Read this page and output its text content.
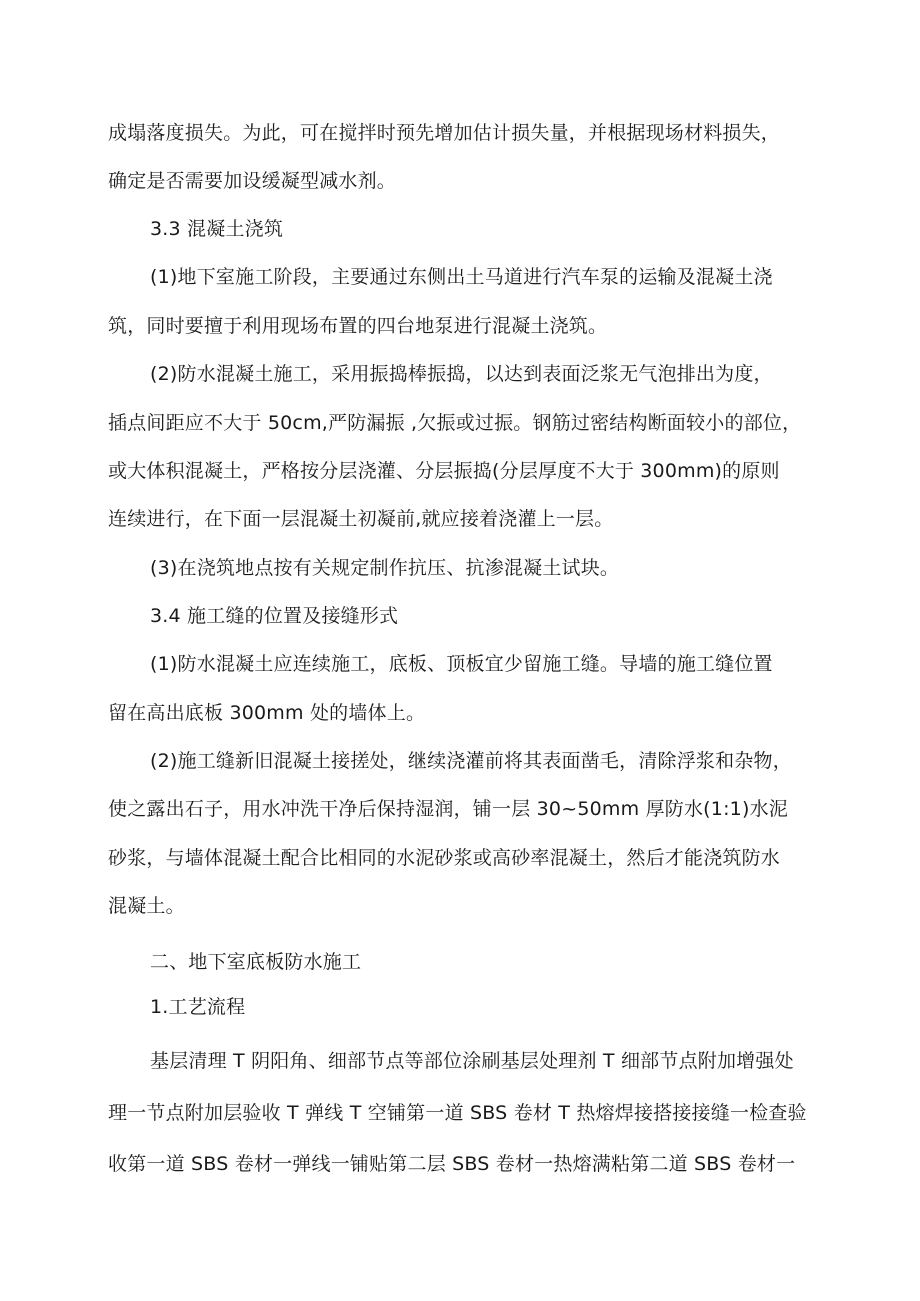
成塌落度损失。为此，可在搅拌时预先增加估计损失量，并根据现场材料损失，
确定是否需要加设缓凝型减水剂。
3.3 混凝土浇筑
(1)地下室施工阶段，主要通过东侧出土马道进行汽车泵的运输及混凝土浇
筑，同时要擅于利用现场布置的四台地泵进行混凝土浇筑。
(2)防水混凝土施工，采用振捣棒振捣，以达到表面泛浆无气泡排出为度，
插点间距应不大于 50cm,严防漏振 ,欠振或过振。钢筋过密结构断面较小的部位，
或大体积混凝土，严格按分层浇灌、分层振捣(分层厚度不大于 300mm)的原则
连续进行，在下面一层混凝土初凝前,就应接着浇灌上一层。
(3)在浇筑地点按有关规定制作抗压、抗渗混凝土试块。
3.4 施工缝的位置及接缝形式
(1)防水混凝土应连续施工，底板、顶板宜少留施工缝。导墙的施工缝位置
留在高出底板 300mm 处的墙体上。
(2)施工缝新旧混凝土接搓处，继续浇灌前将其表面凿毛，清除浮浆和杂物，
使之露出石子，用水冲洗干净后保持湿润，铺一层 30~50mm 厚防水(1:1)水泥
砂浆，与墙体混凝土配合比相同的水泥砂浆或高砂率混凝土，然后才能浇筑防水
混凝土。
二、地下室底板防水施工
1.工艺流程
基层清理 T 阴阳角、细部节点等部位涂刷基层处理剂 T 细部节点附加增强处
理一节点附加层验收 T 弹线 T 空铺第一道 SBS 卷材 T 热熔焊接搭接接缝一检查验
收第一道 SBS 卷材一弹线一铺贴第二层 SBS 卷材一热熔满粘第二道 SBS 卷材一
